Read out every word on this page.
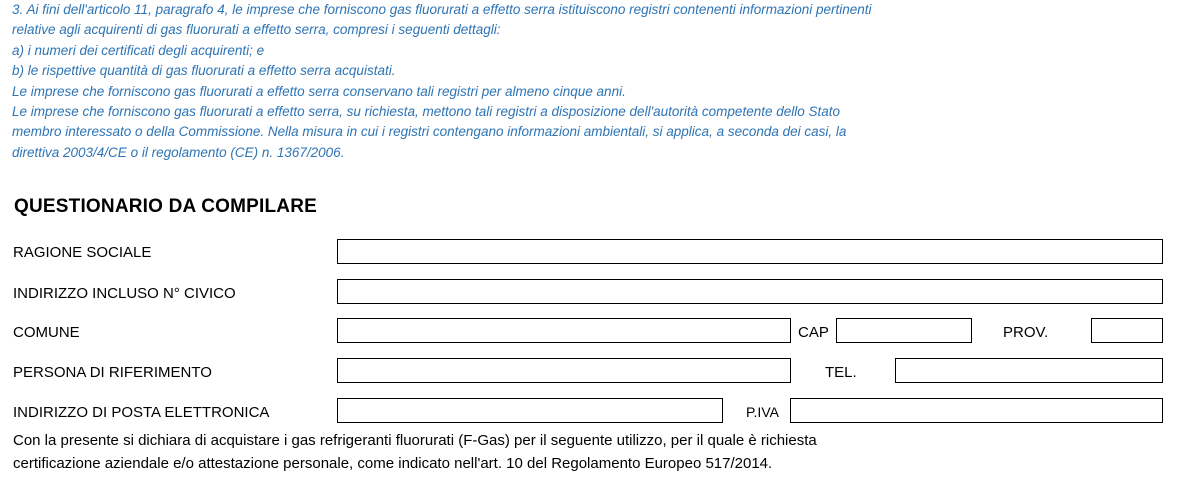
3. Ai fini dell'articolo 11, paragrafo 4, le imprese che forniscono gas fluorurati a effetto serra istituiscono registri contenenti informazioni pertinenti
relative agli acquirenti di gas fluorurati a effetto serra, compresi i seguenti dettagli:
a) i numeri dei certificati degli acquirenti; e
b) le rispettive quantità di gas fluorurati a effetto serra acquistati.
Le imprese che forniscono gas fluorurati a effetto serra conservano tali registri per almeno cinque anni.
Le imprese che forniscono gas fluorurati a effetto serra, su richiesta, mettono tali registri a disposizione dell'autorità competente dello Stato
membro interessato o della Commissione. Nella misura in cui i registri contengano informazioni ambientali, si applica, a seconda dei casi, la
direttiva 2003/4/CE o il regolamento (CE) n. 1367/2006.
QUESTIONARIO DA COMPILARE
RAGIONE SOCIALE
INDIRIZZO INCLUSO N° CIVICO
COMUNE	CAP	PROV.
PERSONA DI RIFERIMENTO	TEL.
INDIRIZZO DI POSTA ELETTRONICA	P.IVA
Con la presente si dichiara di acquistare i gas refrigeranti fluorurati (F-Gas) per il seguente utilizzo, per il quale è richiesta
certificazione aziendale e/o attestazione personale, come indicato nell'art. 10 del Regolamento Europeo 517/2014.
